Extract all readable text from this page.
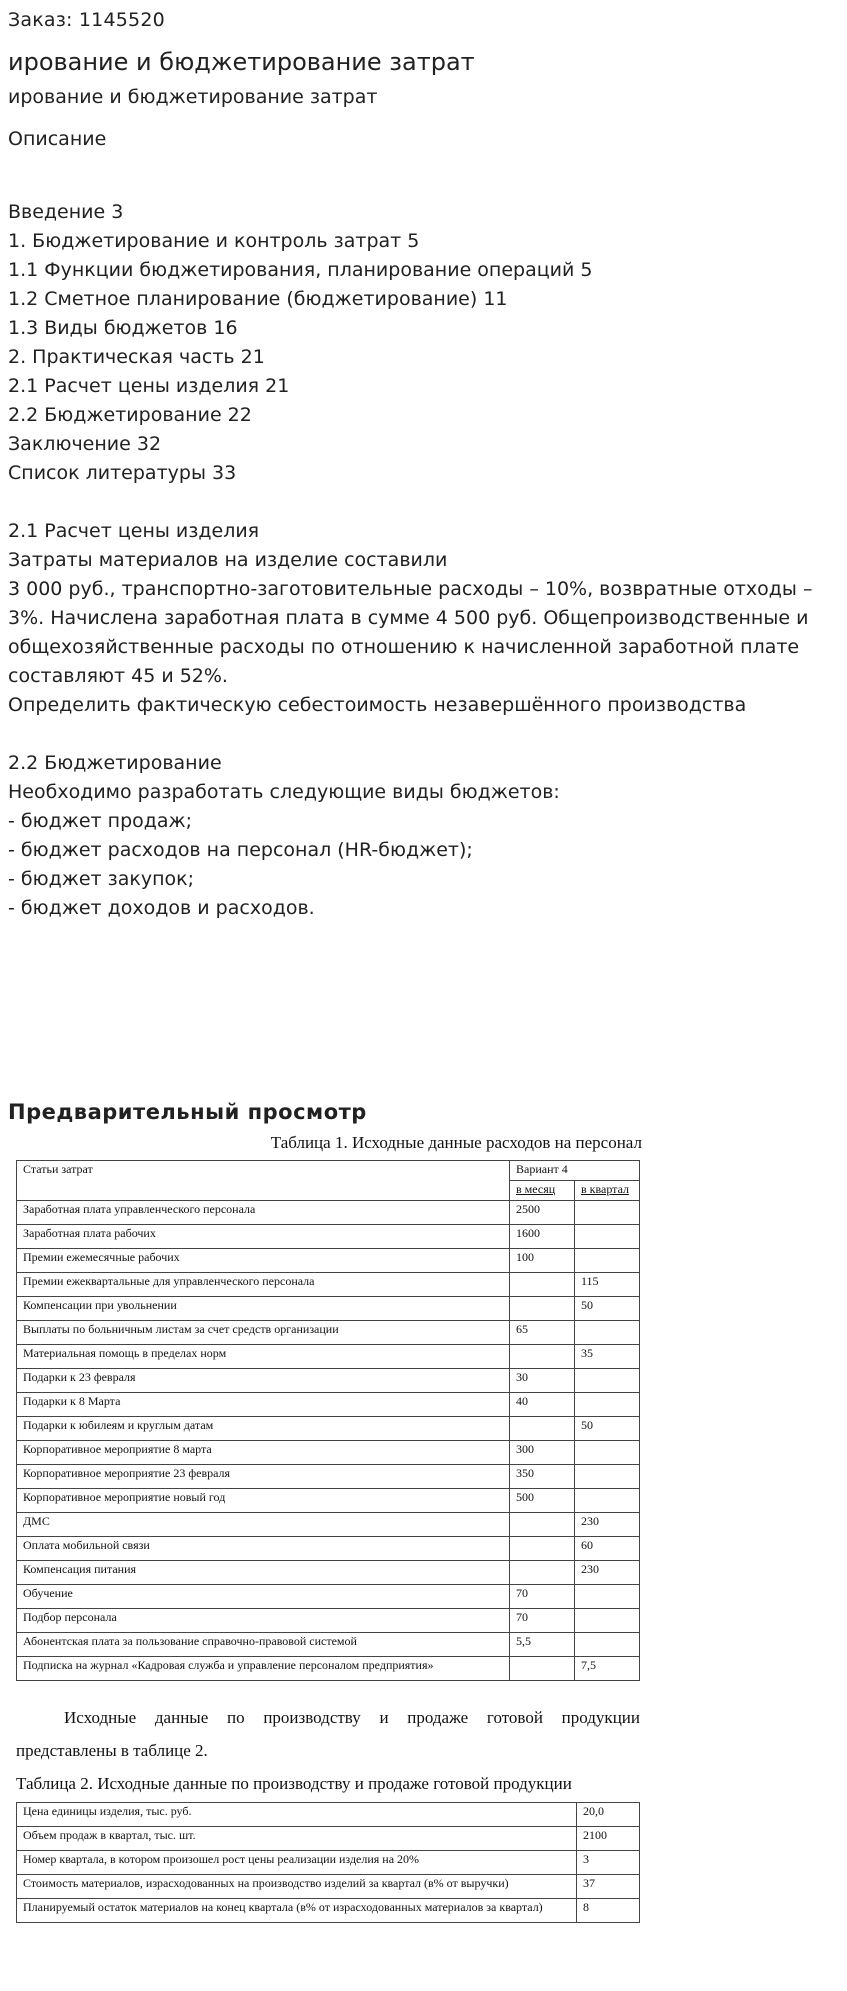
Заказ: 1145520
ирование и бюджетирование затрат
ирование и бюджетирование затрат
Описание

Введение 3
1. Бюджетирование и контроль затрат 5
1.1 Функции бюджетирования, планирование операций 5
1.2 Сметное планирование (бюджетирование) 11
1.3 Виды бюджетов 16
2. Практическая часть 21
2.1 Расчет цены изделия 21
2.2 Бюджетирование 22
Заключение 32
Список литературы 33

2.1 Расчет цены изделия
Затраты материалов на изделие составили
3 000 руб., транспортно-заготовительные расходы – 10%, возвратные отходы –
3%. Начислена заработная плата в сумме 4 500 руб. Общепроизводственные и
общехозяйственные расходы по отношению к начисленной заработной плате
составляют 45 и 52%.
Определить фактическую себестоимость незавершённого производства

2.2 Бюджетирование
Необходимо разработать следующие виды бюджетов:
- бюджет продаж;
- бюджет расходов на персонал (HR-бюджет);
- бюджет закупок;
- бюджет доходов и расходов.
Предварительный просмотр
Таблица 1. Исходные данные расходов на персонал
Статьи затрат	Вариант 4	
	в месяц	в квартал
Заработная плата управленческого персонала	2500	
Заработная плата рабочих	1600	
Премии ежемесячные рабочих	100	
Премии ежеквартальные для управленческого персонала		115
Компенсации при увольнении		50
Выплаты по больничным листам за счет средств организации	65	
Материальная помощь в пределах норм		35
Подарки к 23 февраля	30	
Подарки к 8 Марта	40	
Подарки к юбилеям и круглым датам		50
Корпоративное мероприятие 8 марта	300	
Корпоративное мероприятие 23 февраля	350	
Корпоративное мероприятие новый год	500	
ДМС		230
Оплата мобильной связи		60
Компенсация питания		230
Обучение	70	
Подбор персонала	70	
Абонентская плата за пользование справочно-правовой системой	5,5	
Подписка на журнал «Кадровая служба и управление персоналом предприятия»		7,5
Исходные данные по производству и продаже готовой продукции представлены в таблице 2.
Таблица 2. Исходные данные по производству и продаже готовой продукции
Цена единицы изделия, тыс. руб.	20,0
Объем продаж в квартал, тыс. шт.	2100
Номер квартала, в котором произошел рост цены реализации изделия на 20%	3
Стоимость материалов, израсходованных на производство изделий за квартал (в% от выручки)	37
Планируемый остаток материалов на конец квартала (в% от израсходованных материалов за квартал)	8
